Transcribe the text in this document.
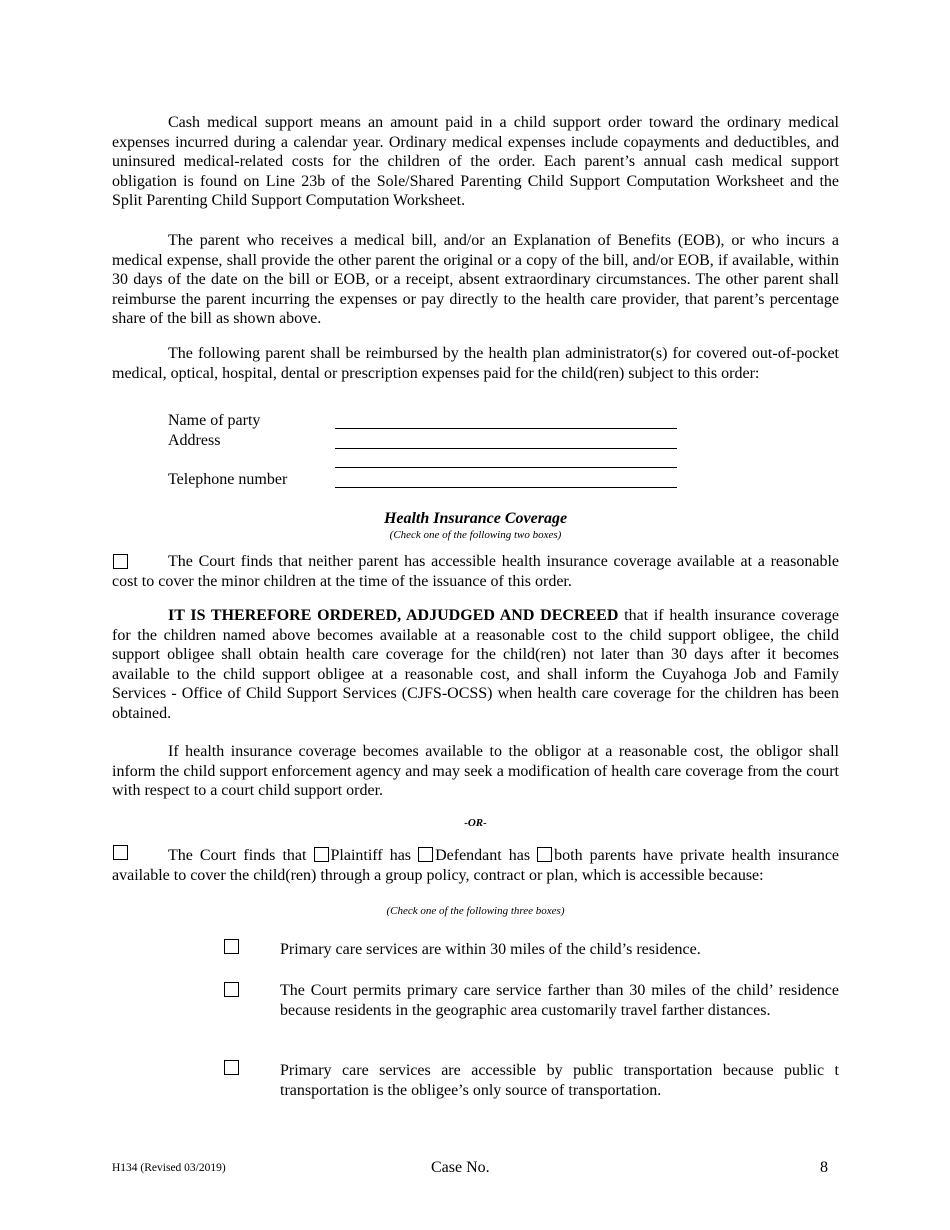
Cash medical support means an amount paid in a child support order toward the ordinary medical expenses incurred during a calendar year. Ordinary medical expenses include copayments and deductibles, and uninsured medical-related costs for the children of the order. Each parent’s annual cash medical support obligation is found on Line 23b of the Sole/Shared Parenting Child Support Computation Worksheet and the Split Parenting Child Support Computation Worksheet.

The parent who receives a medical bill, and/or an Explanation of Benefits (EOB), or who incurs a medical expense, shall provide the other parent the original or a copy of the bill, and/or EOB, if available, within 30 days of the date on the bill or EOB, or a receipt, absent extraordinary circumstances. The other parent shall reimburse the parent incurring the expenses or pay directly to the health care provider, that parent’s percentage share of the bill as shown above.

The following parent shall be reimbursed by the health plan administrator(s) for covered out-of-pocket medical, optical, hospital, dental or prescription expenses paid for the child(ren) subject to this order:

Name of party

Address

Telephone number

Health Insurance Coverage

(Check one of the following two boxes)

The Court finds that neither parent has accessible health insurance coverage available at a reasonable cost to cover the minor children at the time of the issuance of this order.

IT IS THEREFORE ORDERED, ADJUDGED AND DECREED that if health insurance coverage for the children named above becomes available at a reasonable cost to the child support obligee, the child support obligee shall obtain health care coverage for the child(ren) not later than 30 days after it becomes available to the child support obligee at a reasonable cost, and shall inform the Cuyahoga Job and Family Services - Office of Child Support Services (CJFS-OCSS) when health care coverage for the children has been obtained.

If health insurance coverage becomes available to the obligor at a reasonable cost, the obligor shall inform the child support enforcement agency and may seek a modification of health care coverage from the court with respect to a court child support order.

-OR-

The Court finds that Plaintiff has Defendant has both parents have private health insurance available to cover the child(ren) through a group policy, contract or plan, which is accessible because:

(Check one of the following three boxes)

Primary care services are within 30 miles of the child’s residence.

The Court permits primary care service farther than 30 miles of the child’ residence because residents in the geographic area customarily travel farther distances.

Primary care services are accessible by public transportation because public t transportation is the obligee’s only source of transportation.

H134 (Revised 03/2019)	Case No.	8
